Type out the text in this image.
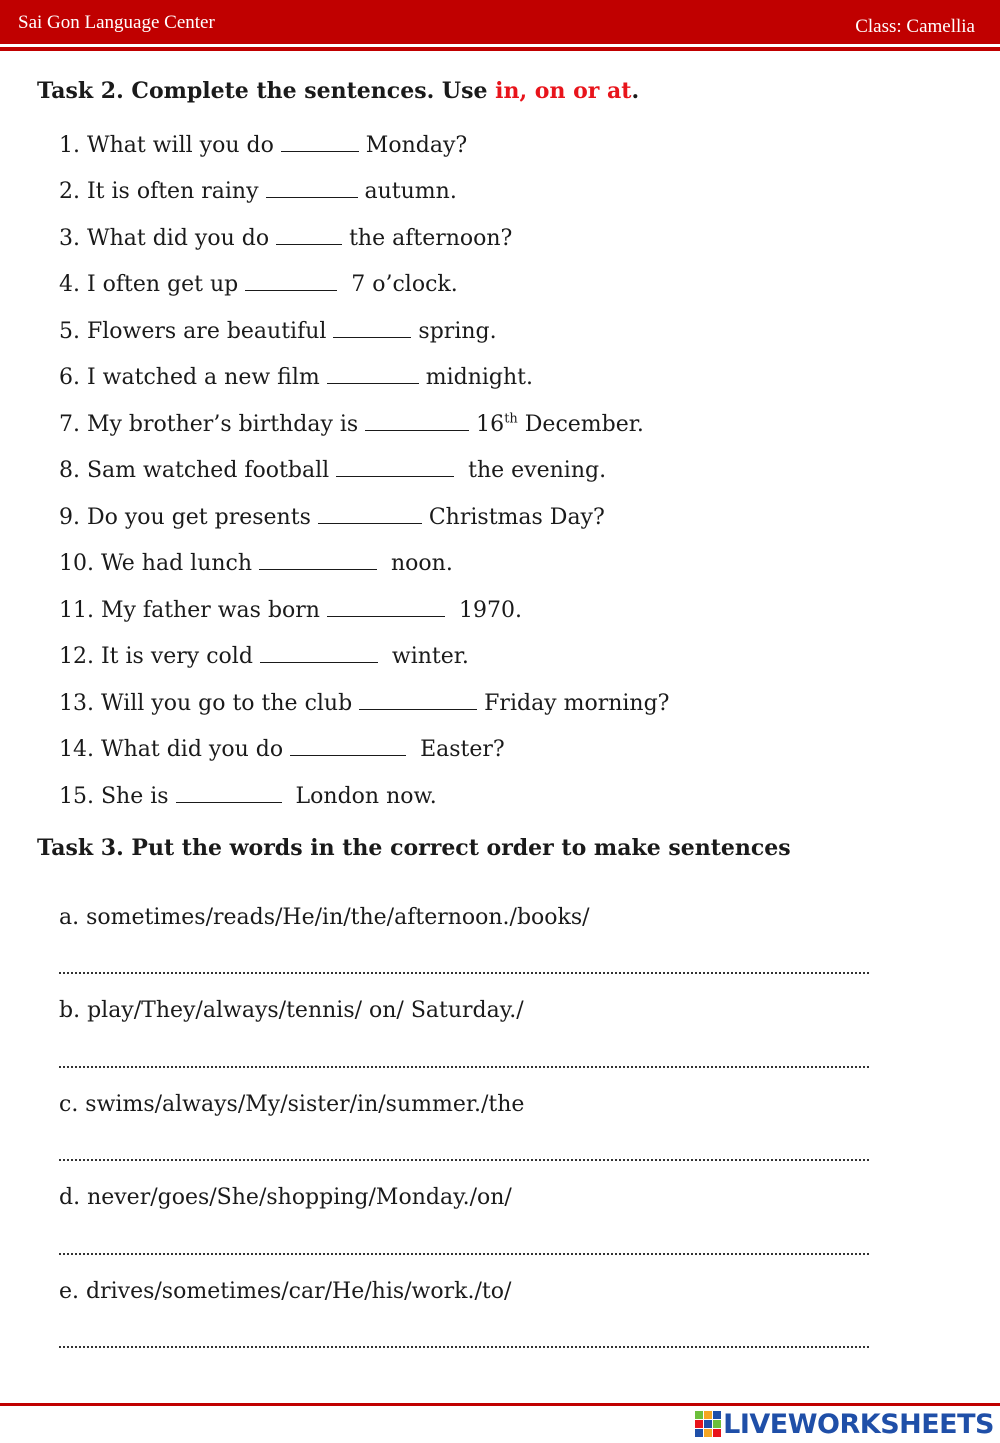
Sai Gon Language Center	Class: Camellia
Task 2. Complete the sentences. Use in, on or at.
1. What will you do	Monday?
2. It is often rainy	autumn.
3. What did you do	the afternoon?
4. I often get up	7 o’clock.
5. Flowers are beautiful	spring.
6. I watched a new film	midnight.
7. My brother’s birthday is	16th December.
8. Sam watched football	the evening.
9. Do you get presents	Christmas Day?
10. We had lunch	noon.
11. My father was born	1970.
12. It is very cold	winter.
13. Will you go to the club	Friday morning?
14. What did you do	Easter?
15. She is	London now.
Task 3. Put the words in the correct order to make sentences
a. sometimes/reads/He/in/the/afternoon./books/
b. play/They/always/tennis/ on/ Saturday./
c. swims/always/My/sister/in/summer./the
d. never/goes/She/shopping/Monday./on/
e. drives/sometimes/car/He/his/work./to/
LIVEWORKSHEETS
